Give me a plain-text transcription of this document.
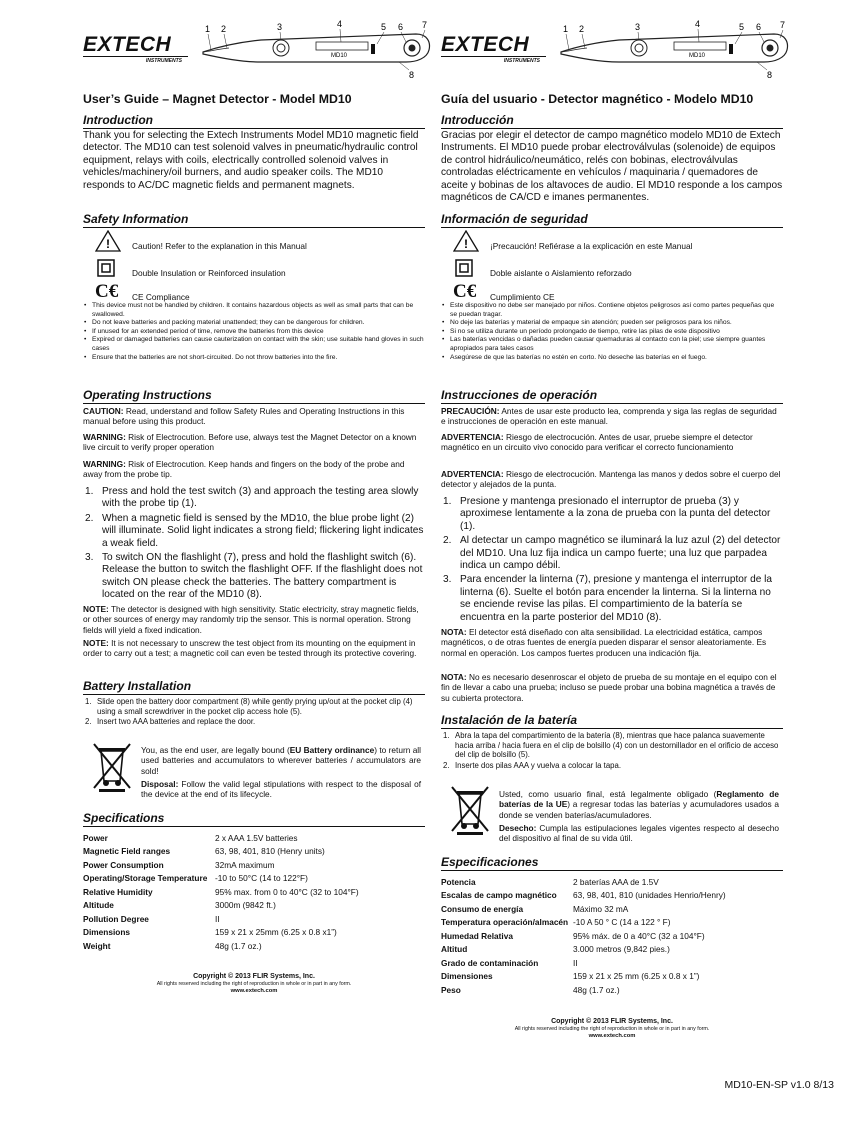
EXTECH
INSTRUMENTS
MD10
1 2	3	4	5 6 7
8
User’s Guide – Magnet Detector - Model MD10
Introduction
Thank you for selecting the Extech Instruments Model MD10 magnetic field detector. The MD10 can test solenoid valves in pneumatic/hydraulic control equipment, relays with coils, electrically controlled solenoid valves in vehicles/machinery/oil burners, and audio speaker coils. The MD10 responds to AC/DC magnetic fields and permanent magnets.
Safety Information
!	Caution! Refer to the explanation in this Manual
Double Insulation or Reinforced insulation
C€ CE Compliance
• This device must not be handled by children. It contains hazardous objects as well as small parts that can be swallowed.
• Do not leave batteries and packing material unattended; they can be dangerous for children.
• If unused for an extended period of time, remove the batteries from this device
• Expired or damaged batteries can cause cauterization on contact with the skin; use suitable hand gloves in such cases
• Ensure that the batteries are not short-circuited. Do not throw batteries into the fire.
Operating Instructions
CAUTION: Read, understand and follow Safety Rules and Operating Instructions in this manual before using this product.
WARNING: Risk of Electrocution. Before use, always test the Magnet Detector on a known live circuit to verify proper operation
WARNING: Risk of Electrocution. Keep hands and fingers on the body of the probe and away from the probe tip.
1. Press and hold the test switch (3) and approach the testing area slowly with the probe tip (1).
2. When a magnetic field is sensed by the MD10, the blue probe light (2) will illuminate. Solid light indicates a strong field; flickering light indicates a weak field.
3. To switch ON the flashlight (7), press and hold the flashlight switch (6). Release the button to switch the flashlight OFF. If the flashlight does not switch ON please check the batteries. The battery compartment is located on the rear of the MD10 (8).
NOTE: The detector is designed with high sensitivity. Static electricity, stray magnetic fields, or other sources of energy may randomly trip the sensor. This is normal operation. Strong fields will yield a fixed indication.
NOTE: It is not necessary to unscrew the test object from its mounting on the equipment in order to carry out a test; a magnetic coil can even be tested through its protective covering.
Battery Installation
1. Slide open the battery door compartment (8) while gently prying up/out at the pocket clip (4) using a small screwdriver in the pocket clip access hole (5).
2. Insert two AAA batteries and replace the door.
You, as the end user, are legally bound (EU Battery ordinance) to return all used batteries and accumulators to wherever batteries / accumulators are sold!
Disposal: Follow the valid legal stipulations with respect to the disposal of the device at the end of its lifecycle.
Specifications
Power	2 x AAA 1.5V batteries
Magnetic Field ranges	63, 98, 401, 810 (Henry units)
Power Consumption	32mA maximum
Operating/Storage Temperature	-10 to 50°C (14 to 122°F)
Relative Humidity	95% max. from 0 to 40°C (32 to 104°F)
Altitude	3000m (9842 ft.)
Pollution Degree	II
Dimensions	159 x 21 x 25mm (6.25 x 0.8 x1”)
Weight	48g (1.7 oz.)
Copyright © 2013 FLIR Systems, Inc.
All rights reserved including the right of reproduction in whole or in part in any form.
www.extech.com
EXTECH
INSTRUMENTS
MD10
1 2	3	4	5 6 7
8
Guía del usuario - Detector magnético - Modelo MD10
Introducción
Gracias por elegir el detector de campo magnético modelo MD10 de Extech Instruments. El MD10 puede probar electroválvulas (solenoide) de equipos de control hidráulico/neumático, relés con bobinas, electroválvulas controladas eléctricamente en vehículos / maquinaria / quemadores de aceite y bobinas de los altavoces de audio. El MD10 responde a los campos magnéticos de CA/CD e imanes permanentes.
Información de seguridad
!	¡Precaución! Refiérase a la explicación en este Manual
Doble aislante o Aislamiento reforzado
C€ Cumplimiento CE
• Este dispositivo no debe ser manejado por niños. Contiene objetos peligrosos así como partes pequeñas que se puedan tragar.
• No deje las baterías y material de empaque sin atención; pueden ser peligrosos para los niños.
• Si no se utiliza durante un período prolongado de tiempo, retire las pilas de este dispositivo
• Las baterías vencidas o dañadas pueden causar quemaduras al contacto con la piel; use siempre guantes apropiados para tales casos
• Asegúrese de que las baterías no estén en corto. No deseche las baterías en el fuego.
Instrucciones de operación
PRECAUCIÓN: Antes de usar este producto lea, comprenda y siga las reglas de seguridad e instrucciones de operación en este manual.
ADVERTENCIA: Riesgo de electrocución. Antes de usar, pruebe siempre el detector magnético en un circuito vivo conocido para verificar el correcto funcionamiento
ADVERTENCIA: Riesgo de electrocución. Mantenga las manos y dedos sobre el cuerpo del detector y alejados de la punta.
1. Presione y mantenga presionado el interruptor de prueba (3) y aproximese lentamente a la zona de prueba con la punta del detector (1).
2. Al detectar un campo magnético se iluminará la luz azul (2) del detector del MD10. Una luz fija indica un campo fuerte; una luz que parpadea indica un campo débil.
3. Para encender la linterna (7), presione y mantenga el interruptor de la linterna (6). Suelte el botón para encender la linterna. Si la linterna no se enciende revise las pilas. El compartimiento de la batería se encuentra en la parte posterior del MD10 (8).
NOTA: El detector está diseñado con alta sensibilidad. La electricidad estática, campos magnéticos, o de otras fuentes de energía pueden disparar el sensor aleatoriamente. Es normal en operación. Los campos fuertes producen una indicación fija.
NOTA: No es necesario desenroscar el objeto de prueba de su montaje en el equipo con el fin de llevar a cabo una prueba; incluso se puede probar una bobina magnética a través de su cubierta protectora.
Instalación de la batería
1. Abra la tapa del compartimiento de la batería (8), mientras que hace palanca suavemente hacia arriba / hacia fuera en el clip de bolsillo (4) con un destornillador en el orificio de acceso del clip de bolsillo (5).
2. Inserte dos pilas AAA y vuelva a colocar la tapa.
Usted, como usuario final, está legalmente obligado (Reglamento de baterías de la UE) a regresar todas las baterías y acumuladores usados a donde se venden baterías/acumuladores.
Desecho: Cumpla las estipulaciones legales vigentes respecto al desecho del dispositivo al final de su vida útil.
Especificaciones
Potencia	2 baterías AAA de 1.5V
Escalas de campo magnético	63, 98, 401, 810 (unidades Henrio/Henry)
Consumo de energía	Máximo 32 mA
Temperatura operación/almacén	-10 A 50 ° C (14 a 122 ° F)
Humedad Relativa	95% máx. de 0 a 40°C (32 a 104°F)
Altitud	3.000 metros (9,842 pies.)
Grado de contaminación	II
Dimensiones	159 x 21 x 25 mm (6.25 x 0.8 x 1”)
Peso	48g (1.7 oz.)
Copyright © 2013 FLIR Systems, Inc.
All rights reserved including the right of reproduction in whole or in part in any form.
www.extech.com
MD10-EN-SP v1.0 8/13
